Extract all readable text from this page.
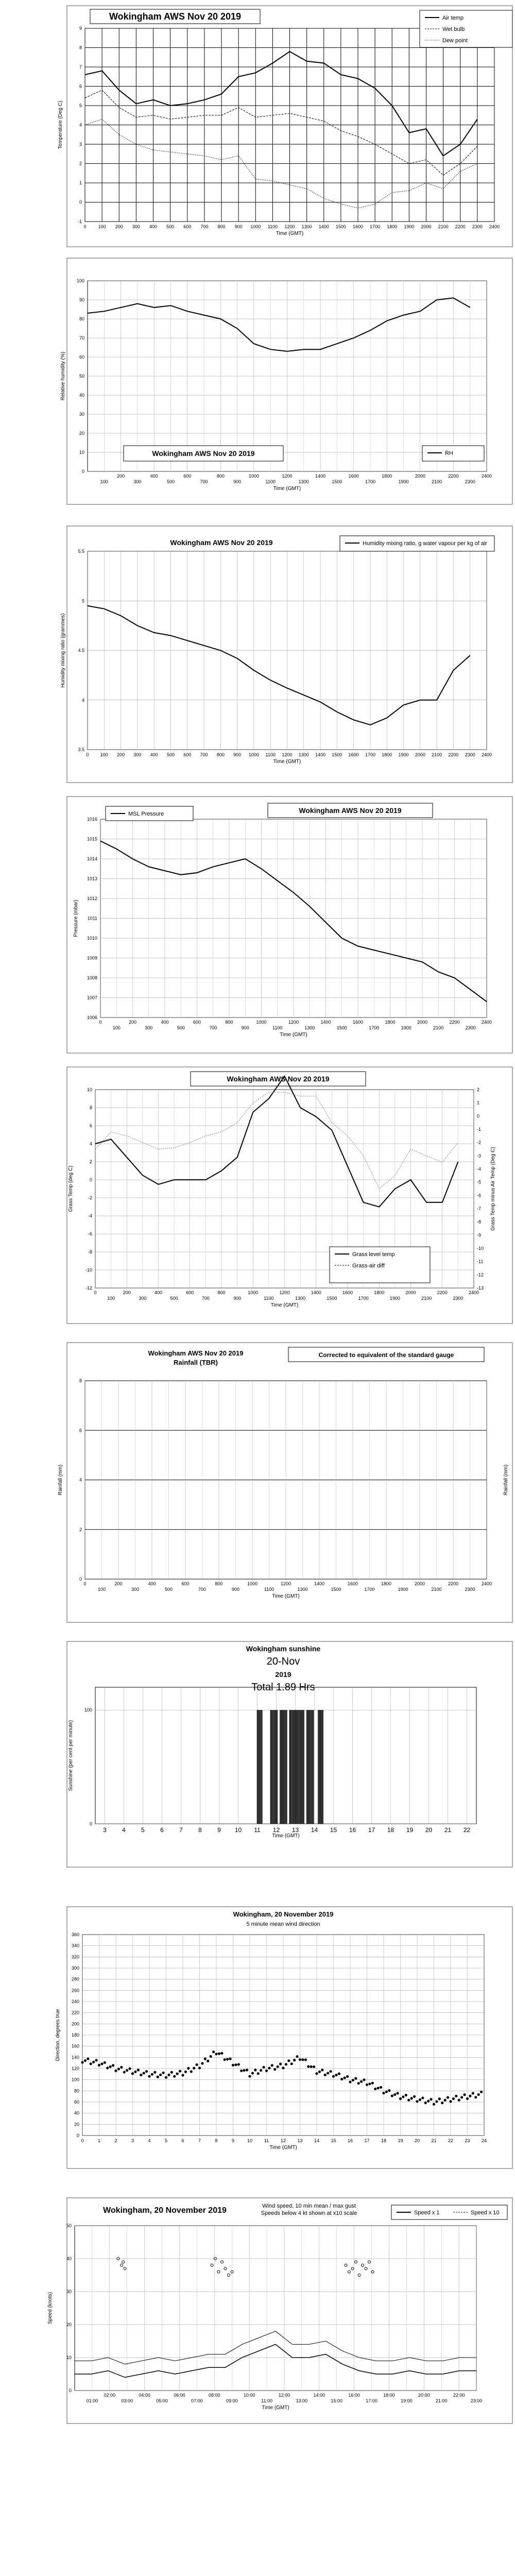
-1
0
1
2
3
4
5
6
7
8
9
0	100 200 300 400 500 600 700 800 900 1000 1100 1200 1300 1400 1500 1600 1700 1800 1900 2000 2100 2200 2300 2400
Time (GMT)
Temperature (Deg C)
Wokingham AWS Nov 20 2019	Air temp
Wet bulb
Dew point
0
10
20
30
40
50
60
70
80
90
100
200	400	600	800	1000	1200	1400	1600	1800	2000	2200	2400
100	300	500	700	900	1100	1300	1500	1700	1900	2100	2300
Time (GMT)
Relative humidity (%)
Wokingham AWS Nov 20 2019	RH
3.5
4
4.5
5
5.5
0 100 200 300 400 500 600 700 800 900 1000 1100 1200 1300 1400 1500 1600 1700 1800 1900 2000 2100 2200 2300 2400
Time (GMT)
Humidity mixing ratio (grammes)
Wokingham AWS Nov 20 2019	Humidity mixing ratio, g water vapour per kg of air
1006
1007
1008
1009
1010
1011
1012
1013
1014
1015
1016
0	200	400	600	800	1000	1200	1400	1600	1800	2000	2200	2400
100	300	500	700	900	1100	1300	1500	1700	1900	2100	2300
Time (GMT)
Pressure (mbar)
Wokingham AWS Nov 20 2019
MSL Pressure
-12
-10
-8
-6
-4
-2
0
2
4
6
8
10
-13
-12
-11
-10
-9
-8
-7
-6
-5
-4
-3
-2
-1
0
1
2
0	200	400	600	800	1000	1200	1400	1600	1800	2000	2200	2400
100	300	500	700	900	1100	1300	1500	1700	1900	2100	2300
Time (GMT)
Grass Temp (deg C)	Grass Temp minus Air Temp (Deg C)
Wokingham AWS Nov 20 2019
Grass level temp
Grass-air diff
0
2
4
6
8
0	200	400	600	800	1000	1200	1400	1600	1800	2000	2200	2400
100	300	500	700	900	1100	1300	1500	1700	1900	2100	2300
Time (GMT)
Rainfall (mm)	Rainfall (mm)
Wokingham AWS Nov 20 2019
Rainfall (TBR)
Corrected to equivalent of the standard gauge
0
100
Time (GMT)
Sunshine (per cent per minute)
Wokingham sunshine
20-Nov
2019
Total 1.89 Hrs
3	4	5	6	7	8	9 10 11 12 13 14 15 16 17 18 19 20 21 22
0
20
40
60
80
100
120
140
160
180
200
220
240
260
280
300
320
340
360
0	1	2	3	4	5	6	7	8	9	10	11	12 13 14 15 16 17 18 19 20 21 22 23 24
Time (GMT)
Direction, degrees true
Wokingham, 20 November 2019
5 minute mean wind direction
0
10
20
30
40
50
02:00	04:00	06:00	08:00	10:00	12:00	14:00	16:00	18:00	20:00	22:00
01:00	03:00	05:00	07:00	09:00	11:00	13:00	15:00	17:00	19:00	21:00	23:00
Time (GMT)
Speed (knots)
Wokingham, 20 November 2019	Wind speed, 10 min mean / max gust
Speeds below 4 kt shown at x10 scale	Speed x 1	Speed x 10
